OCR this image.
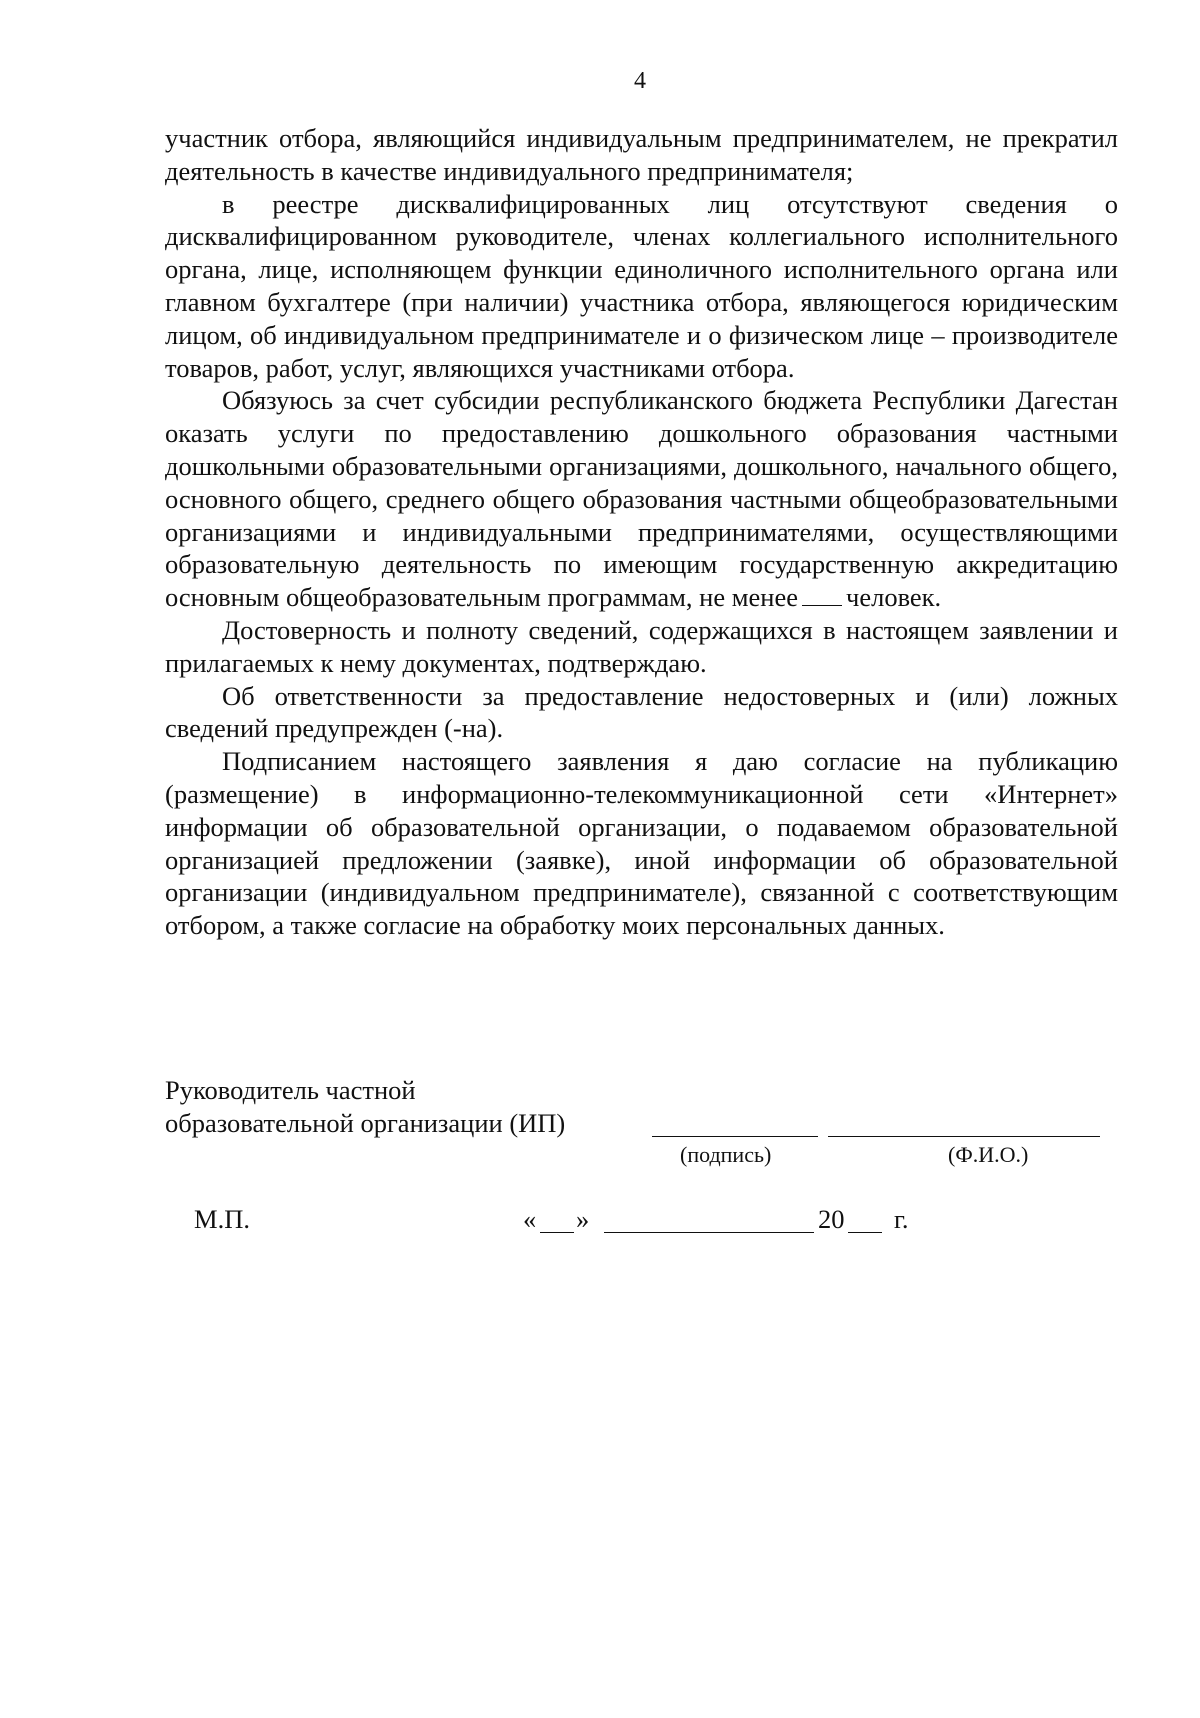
4

участник отбора, являющийся индивидуальным предпринимателем, не прекратил деятельность в качестве индивидуального предпринимателя;

в реестре дисквалифицированных лиц отсутствуют сведения о дисквалифицированном руководителе, членах коллегиального исполнительного органа, лице, исполняющем функции единоличного исполнительного органа или главном бухгалтере (при наличии) участника отбора, являющегося юридическим лицом, об индивидуальном предпринимателе и о физическом лице – производителе товаров, работ, услуг, являющихся участниками отбора.

Обязуюсь за счет субсидии республиканского бюджета Республики Дагестан оказать услуги по предоставлению дошкольного образования частными дошкольными образовательными организациями, дошкольного, начального общего, основного общего, среднего общего образования частными общеобразовательными организациями и индивидуальными предпринимателями, осуществляющими образовательную деятельность по имеющим государственную аккредитацию основным общеобразовательным программам, не менее человек.

Достоверность и полноту сведений, содержащихся в настоящем заявлении и прилагаемых к нему документах, подтверждаю.

Об ответственности за предоставление недостоверных и (или) ложных сведений предупрежден (-на).

Подписанием настоящего заявления я даю согласие на публикацию (размещение) в информационно-телекоммуникационной сети «Интернет» информации об образовательной организации, о подаваемом образовательной организацией предложении (заявке), иной информации об образовательной организации (индивидуальном предпринимателе), связанной с соответствующим отбором, а также согласие на обработку моих персональных данных.

Руководитель частной
образовательной организации (ИП)
(подпись)	(Ф.И.О.)
М.П.	« »	20 г.
